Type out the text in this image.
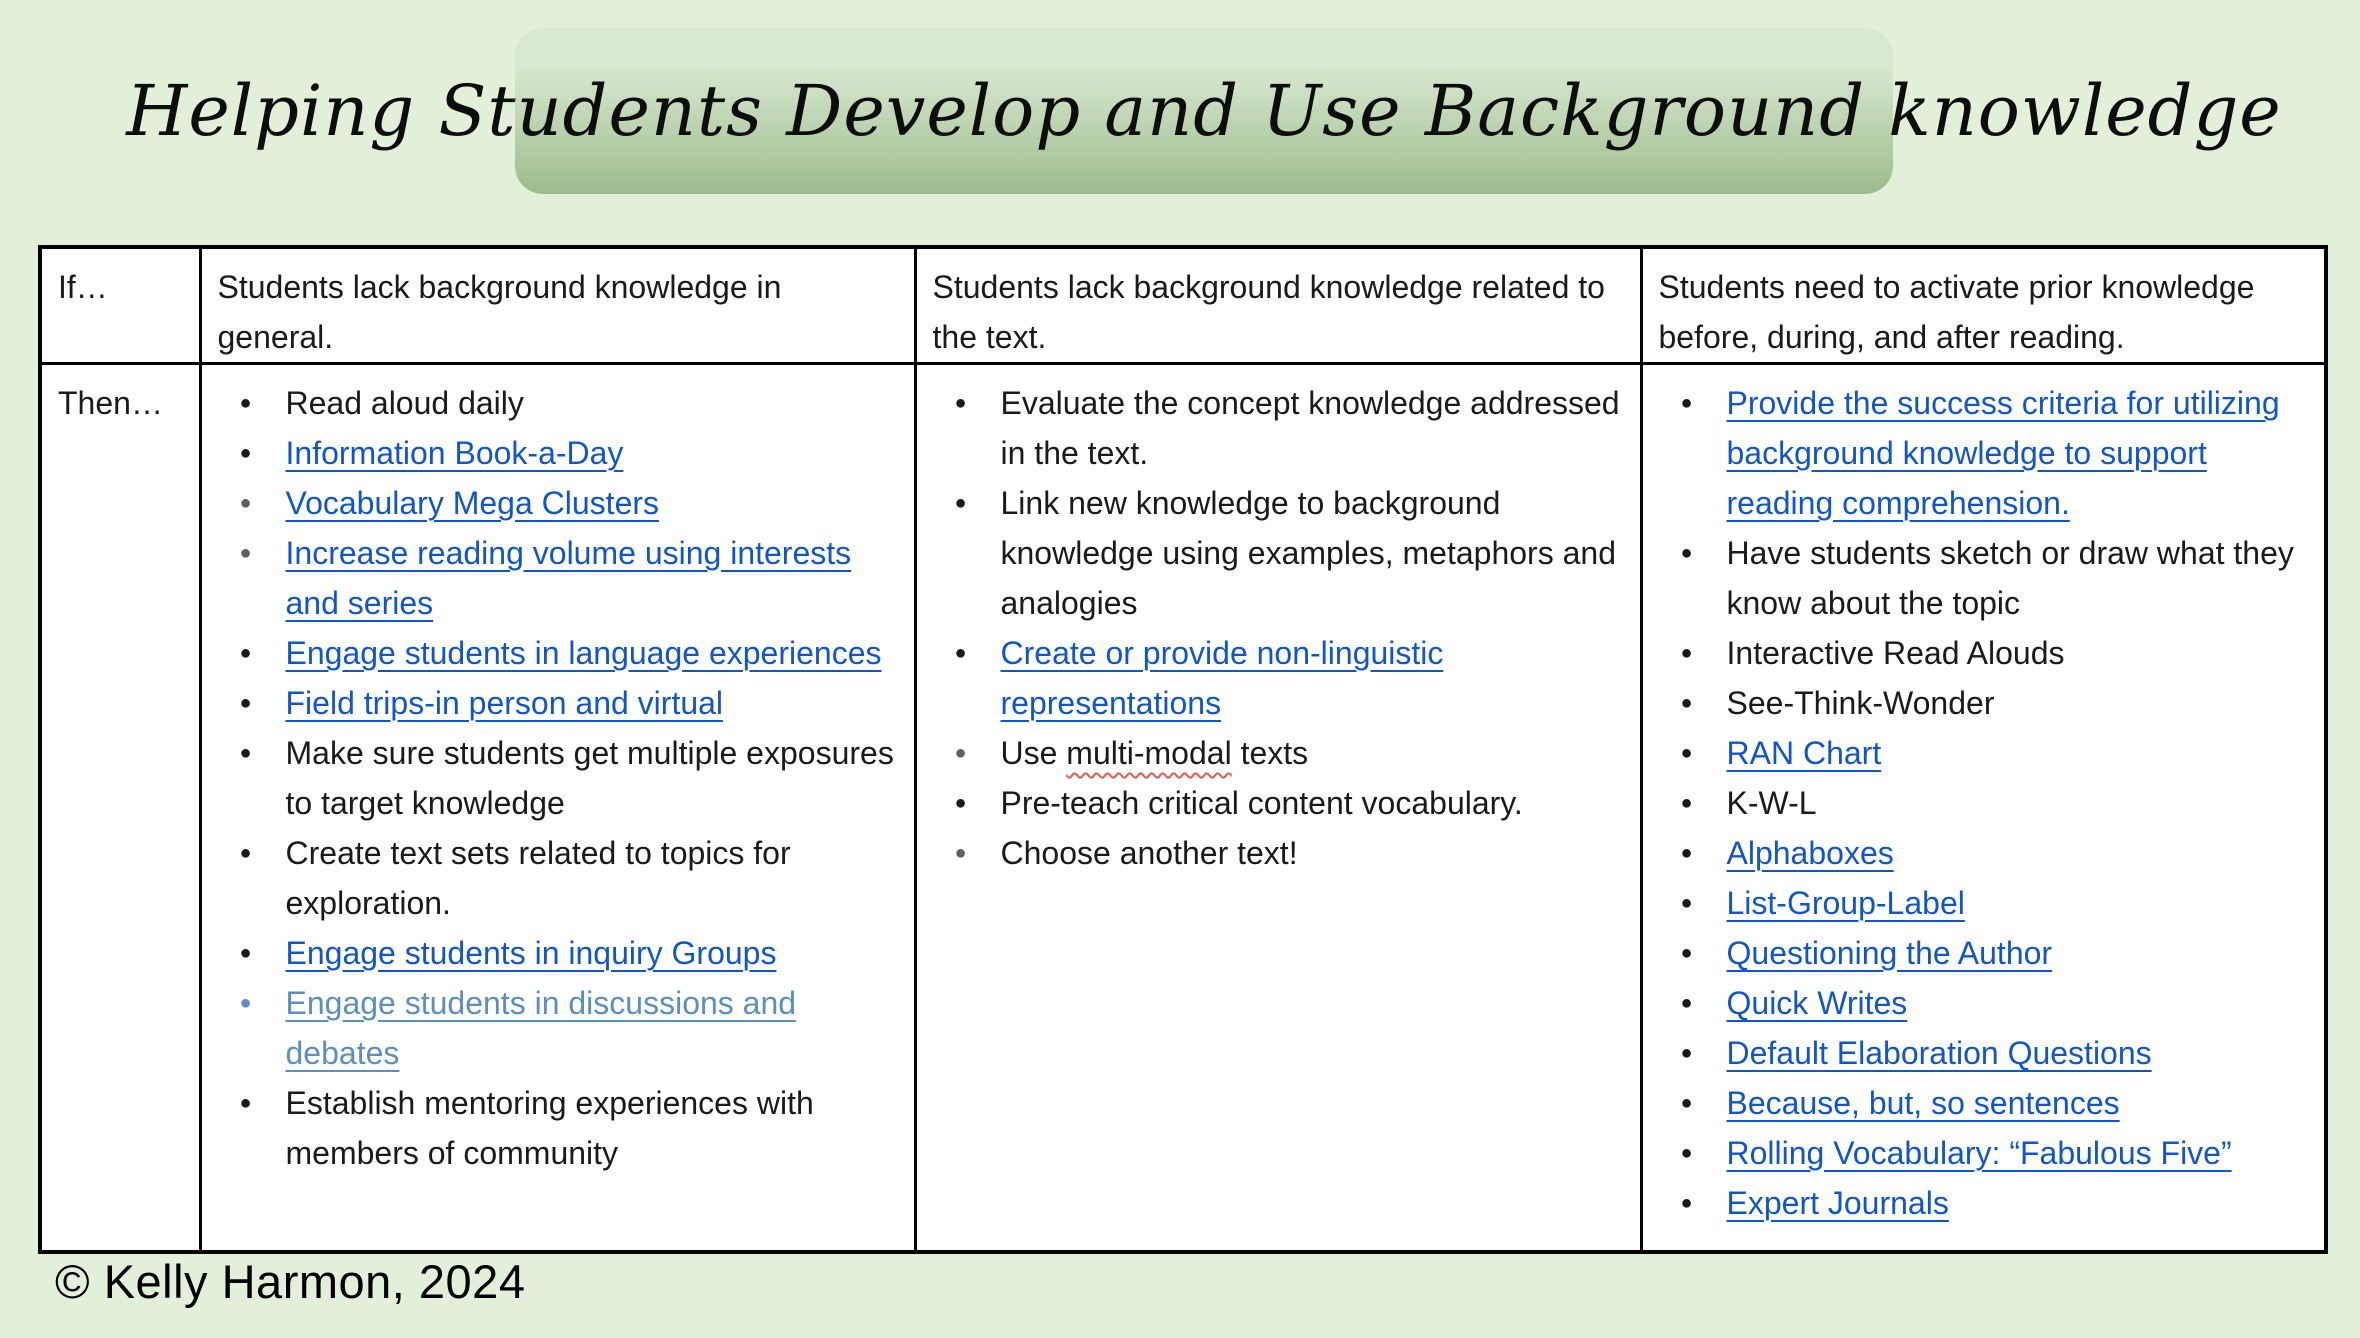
Helping Students Develop and Use Background knowledge
If…	Students lack background knowledge in general.	Students lack background knowledge related to the text.	Students need to activate prior knowledge before, during, and after reading.
Then…	●	Read aloud daily
●	Information Book-a-Day
●	Vocabulary Mega Clusters
●	Increase reading volume using interests and series
●	Engage students in language experiences
●	Field trips-in person and virtual
●	Make sure students get multiple exposures to target knowledge
●	Create text sets related to topics for exploration.
●	Engage students in inquiry Groups
●	Engage students in discussions and debates
●	Establish mentoring experiences with members of community

●	Evaluate the concept knowledge addressed in the text.
●	Link new knowledge to background knowledge using examples, metaphors and analogies
●	Create or provide non-linguistic representations
●	Use multi-modal texts
●	Pre-teach critical content vocabulary.
●	Choose another text!

●	Provide the success criteria for utilizing background knowledge to support reading comprehension.
●	Have students sketch or draw what they know about the topic
●	Interactive Read Alouds
●	See-Think-Wonder
●	RAN Chart
●	K-W-L
●	Alphaboxes
●	List-Group-Label
●	Questioning the Author
●	Quick Writes
●	Default Elaboration Questions
●	Because, but, so sentences
●	Rolling Vocabulary: “Fabulous Five”
●	Expert Journals
© Kelly Harmon, 2024
